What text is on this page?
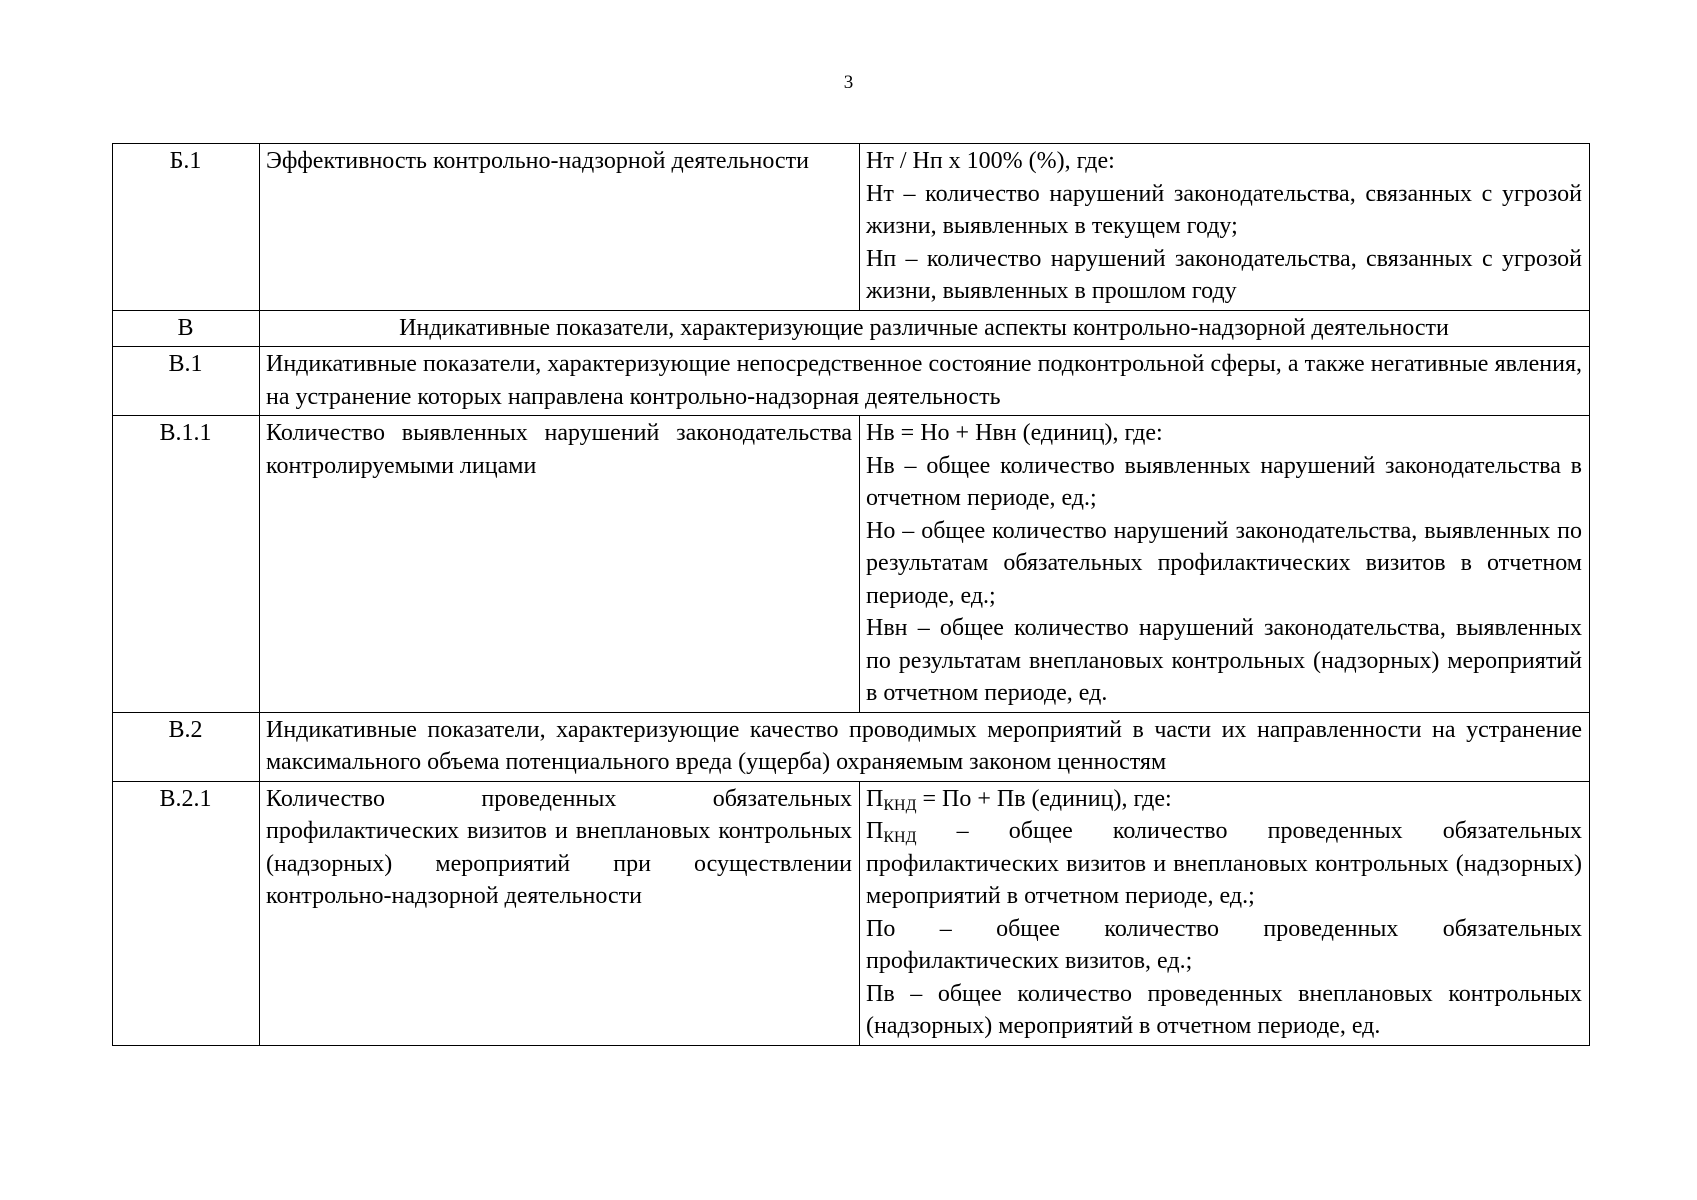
3
Б.1	Эффективность контрольно-надзорной деятельности	Нт / Нп х 100% (%), где:
Нт – количество нарушений законодательства, связанных с угрозой жизни, выявленных в текущем году;
Нп – количество нарушений законодательства, связанных с угрозой жизни, выявленных в прошлом году

В	Индикативные показатели, характеризующие различные аспекты контрольно-надзорной деятельности	
В.1	Индикативные показатели, характеризующие непосредственное состояние подконтрольной сферы, а также негативные явления, на устранение которых направлена контрольно-надзорная деятельность	
В.1.1	Количество выявленных нарушений законодательства контролируемыми лицами	Нв = Но + Нвн (единиц), где:
Нв – общее количество выявленных нарушений законодательства в отчетном периоде, ед.;
Но – общее количество нарушений законодательства, выявленных по результатам обязательных профилактических визитов в отчетном периоде, ед.;
Нвн – общее количество нарушений законодательства, выявленных по результатам внеплановых контрольных (надзорных) мероприятий в отчетном периоде, ед.

В.2	Индикативные показатели, характеризующие качество проводимых мероприятий в части их направленности на устранение максимального объема потенциального вреда (ущерба) охраняемым законом ценностям	
В.2.1	Количество проведенных обязательных профилактических визитов и внеплановых контрольных (надзорных) мероприятий при осуществлении контрольно-надзорной деятельности	$П_{КНД}$ = По + Пв (единиц), где:
$П_{КНД}$ – общее количество проведенных обязательных профилактических визитов и внеплановых контрольных (надзорных) мероприятий в отчетном периоде, ед.;
По – общее количество проведенных обязательных профилактических визитов, ед.;
Пв – общее количество проведенных внеплановых контрольных (надзорных) мероприятий в отчетном периоде, ед.
